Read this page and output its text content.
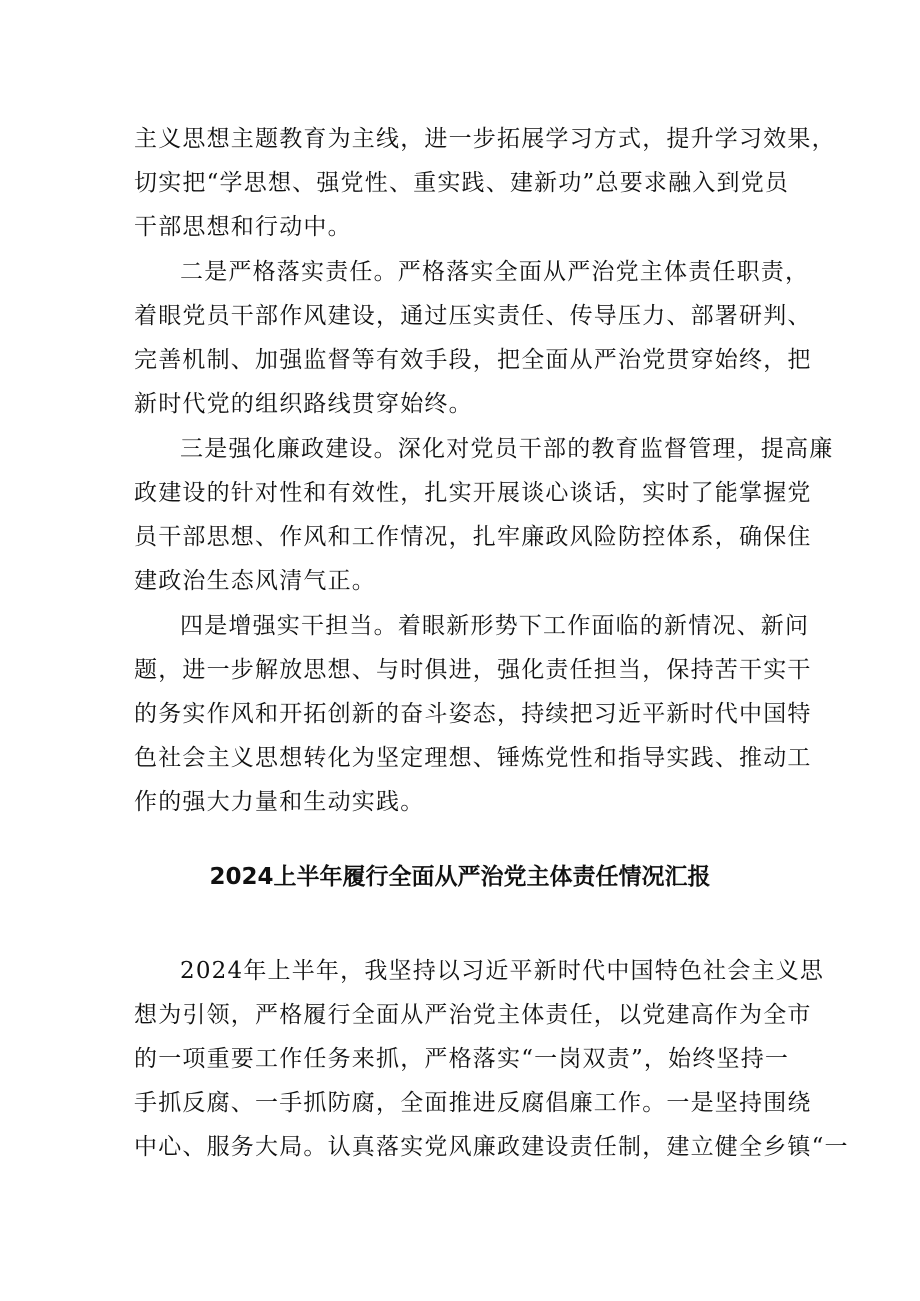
主义思想主题教育为主线，进一步拓展学习方式，提升学习效果，
切实把“学思想、强党性、重实践、建新功”总要求融入到党员
干部思想和行动中。
二是严格落实责任。严格落实全面从严治党主体责任职责，
着眼党员干部作风建设，通过压实责任、传导压力、部署研判、
完善机制、加强监督等有效手段，把全面从严治党贯穿始终，把
新时代党的组织路线贯穿始终。
三是强化廉政建设。深化对党员干部的教育监督管理，提高廉
政建设的针对性和有效性，扎实开展谈心谈话，实时了能掌握党
员干部思想、作风和工作情况，扎牢廉政风险防控体系，确保住
建政治生态风清气正。
四是增强实干担当。着眼新形势下工作面临的新情况、新问
题，进一步解放思想、与时俱进，强化责任担当，保持苦干实干
的务实作风和开拓创新的奋斗姿态，持续把习近平新时代中国特
色社会主义思想转化为坚定理想、锤炼党性和指导实践、推动工
作的强大力量和生动实践。
2024上半年履行全面从严治党主体责任情况汇报
2024年上半年，我坚持以习近平新时代中国特色社会主义思
想为引领，严格履行全面从严治党主体责任，以党建高作为全市
的一项重要工作任务来抓，严格落实“一岗双责”，始终坚持一
手抓反腐、一手抓防腐，全面推进反腐倡廉工作。一是坚持围绕
中心、服务大局。认真落实党风廉政建设责任制，建立健全乡镇“一
